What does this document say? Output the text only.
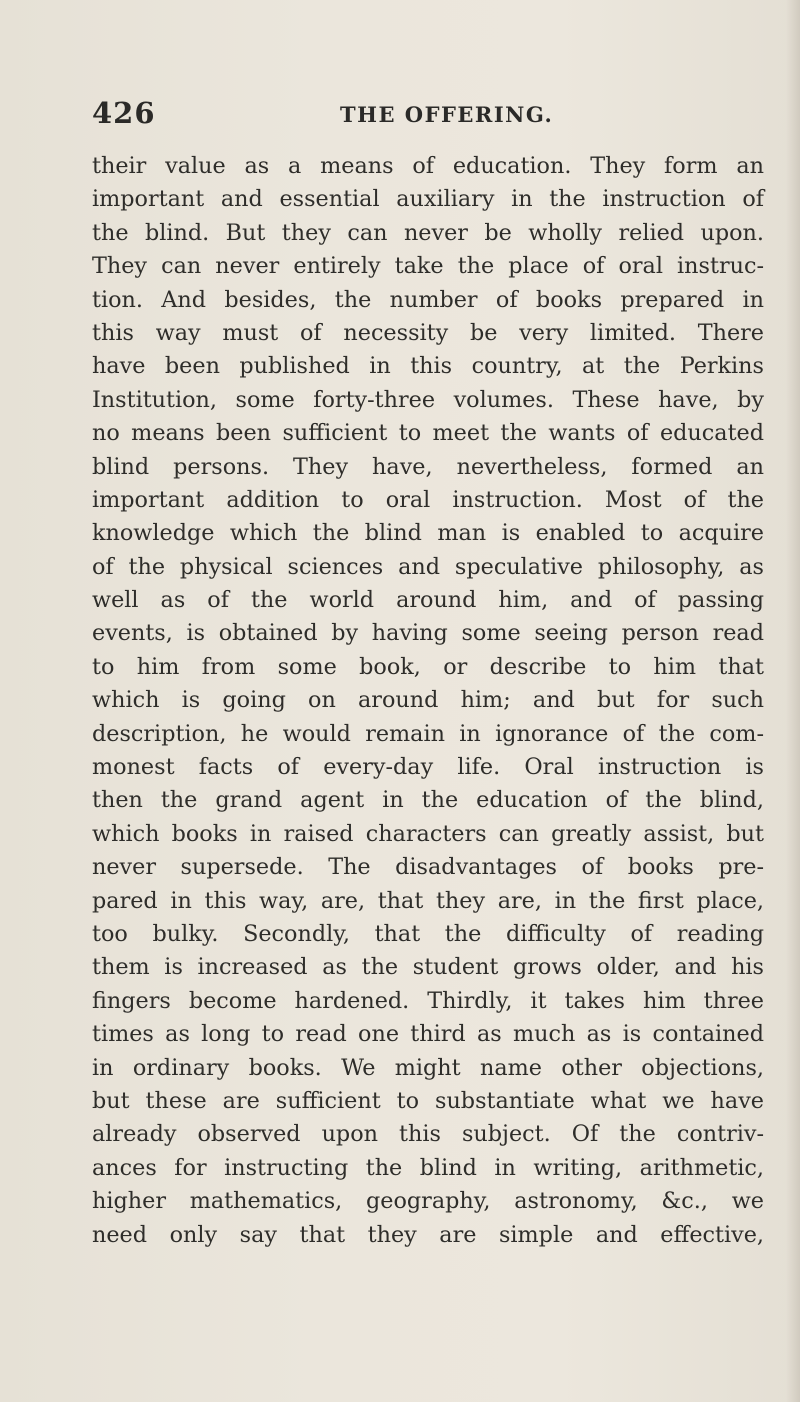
426	THE OFFERING.
their value as a means of education. They form an
important and essential auxiliary in the instruction of
the blind. But they can never be wholly relied upon.
They can never entirely take the place of oral instruc-
tion. And besides, the number of books prepared in
this way must of necessity be very limited. There
have been published in this country, at the Perkins
Institution, some forty-three volumes. These have, by
no means been sufficient to meet the wants of educated
blind persons. They have, nevertheless, formed an
important addition to oral instruction. Most of the
knowledge which the blind man is enabled to acquire
of the physical sciences and speculative philosophy, as
well as of the world around him, and of passing
events, is obtained by having some seeing person read
to him from some book, or describe to him that
which is going on around him; and but for such
description, he would remain in ignorance of the com-
monest facts of every-day life. Oral instruction is
then the grand agent in the education of the blind,
which books in raised characters can greatly assist, but
never supersede. The disadvantages of books pre-
pared in this way, are, that they are, in the first place,
too bulky. Secondly, that the difficulty of reading
them is increased as the student grows older, and his
fingers become hardened. Thirdly, it takes him three
times as long to read one third as much as is contained
in ordinary books. We might name other objections,
but these are sufficient to substantiate what we have
already observed upon this subject. Of the contriv-
ances for instructing the blind in writing, arithmetic,
higher mathematics, geography, astronomy, &c., we
need only say that they are simple and effective,
